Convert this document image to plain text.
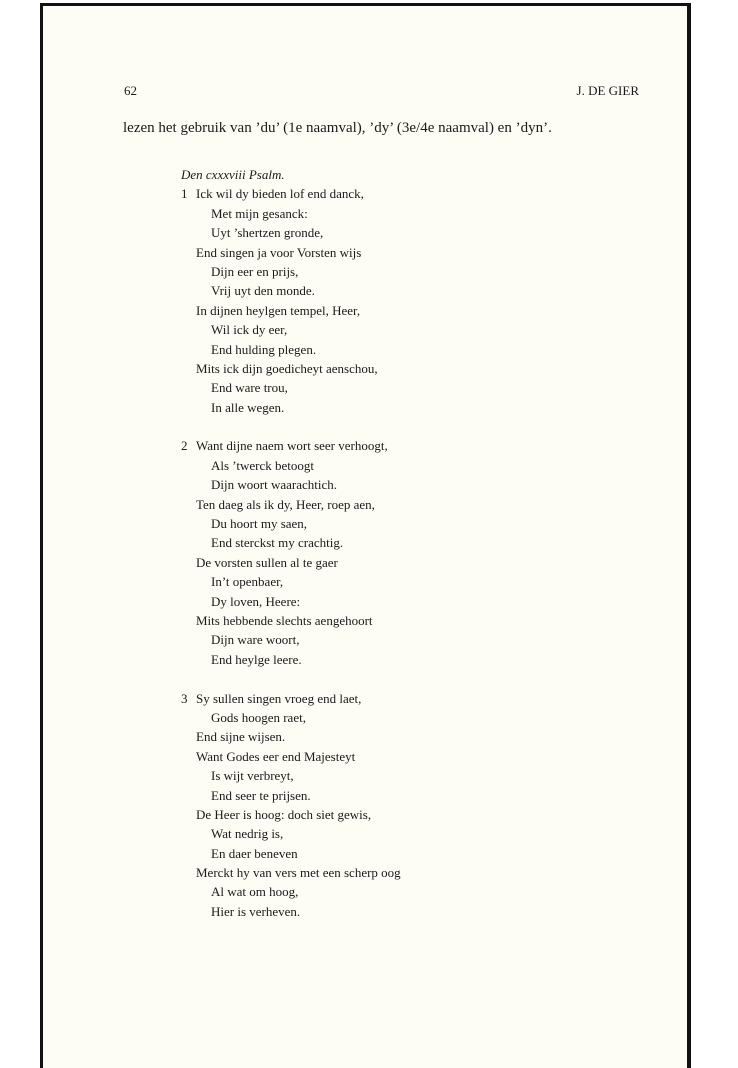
62	J. DE GIER
lezen het gebruik van ’du’ (1e naamval), ’dy’ (3e/4e naamval) en ’dyn’.
Den cxxxviii Psalm.
1 Ick wil dy bieden lof end danck,
Met mijn gesanck:
Uyt ’shertzen gronde,
End singen ja voor Vorsten wijs
Dijn eer en prijs,
Vrij uyt den monde.
In dijnen heylgen tempel, Heer,
Wil ick dy eer,
End hulding plegen.
Mits ick dijn goedicheyt aenschou,
End ware trou,
In alle wegen.
2 Want dijne naem wort seer verhoogt,
Als ’twerck betoogt
Dijn woort waarachtich.
Ten daeg als ik dy, Heer, roep aen,
Du hoort my saen,
End sterckst my crachtig.
De vorsten sullen al te gaer
In’t openbaer,
Dy loven, Heere:
Mits hebbende slechts aengehoort
Dijn ware woort,
End heylge leere.
3 Sy sullen singen vroeg end laet,
Gods hoogen raet,
End sijne wijsen.
Want Godes eer end Majesteyt
Is wijt verbreyt,
End seer te prijsen.
De Heer is hoog: doch siet gewis,
Wat nedrig is,
En daer beneven
Merckt hy van vers met een scherp oog
Al wat om hoog,
Hier is verheven.
